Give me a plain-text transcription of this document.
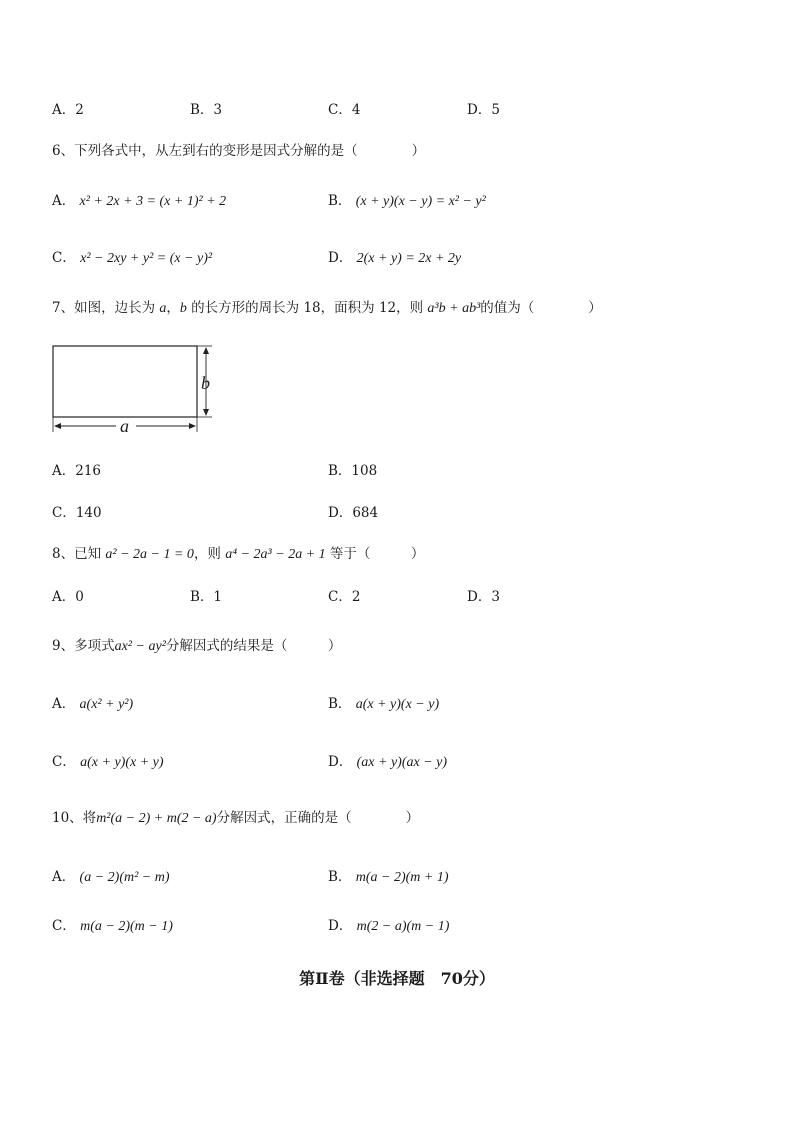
A．2	B．3	C．4	D．5
6、下列各式中，从左到右的变形是因式分解的是（　　　　）
A． x² + 2x + 3 = (x + 1)² + 2	B． (x + y)(x − y) = x² − y²
C． x² − 2xy + y² = (x − y)²	D． 2(x + y) = 2x + 2y
7、如图，边长为 a，b 的长方形的周长为 18，面积为 12，则 a³b + ab³的值为（　　　　）
b
a
A．216	B．108
C．140	D．684
8、已知 a² − 2a − 1 = 0，则 a⁴ − 2a³ − 2a + 1 等于（　　　）
A．0	B．1	C．2	D．3
9、多项式ax² − ay²分解因式的结果是（　　　）
A． a(x² + y²)	B． a(x + y)(x − y)
C． a(x + y)(x + y)	D． (ax + y)(ax − y)
10、将m²(a − 2) + m(2 − a)分解因式，正确的是（　　　　）
A． (a − 2)(m² − m)	B． m(a − 2)(m + 1)
C． m(a − 2)(m − 1)	D． m(2 − a)(m − 1)
第Ⅱ卷（非选择题　70分）
